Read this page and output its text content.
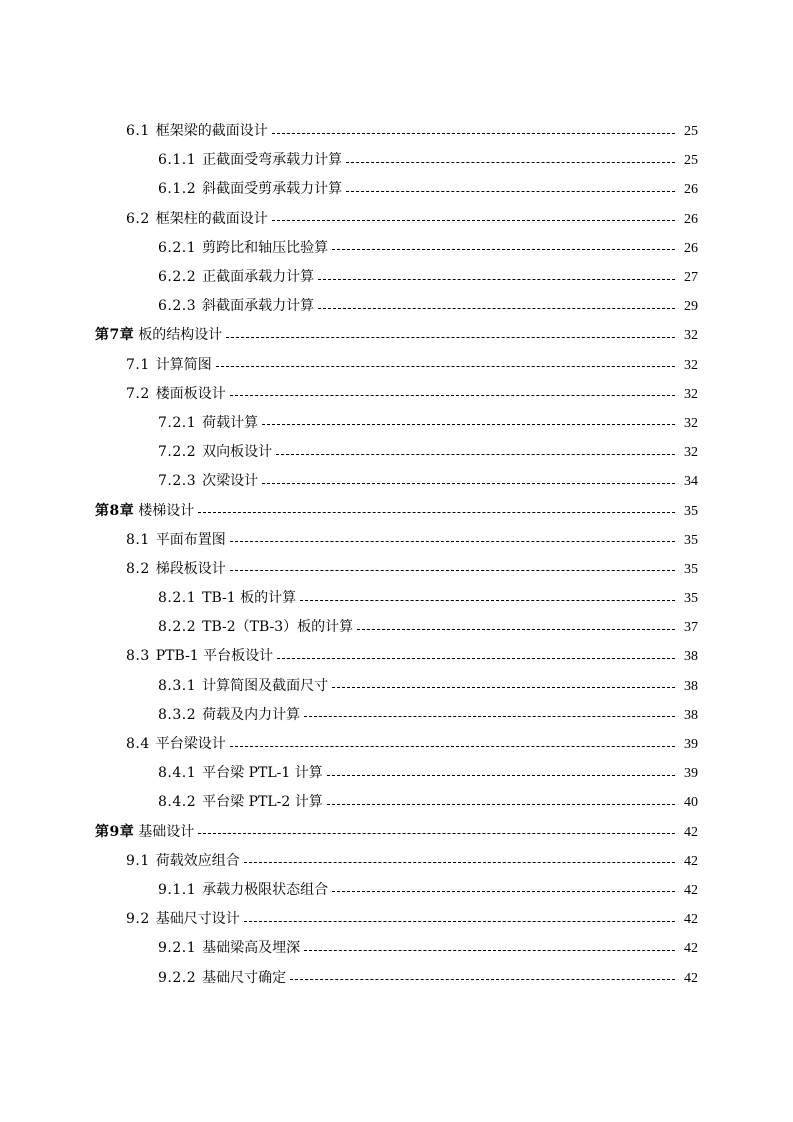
6.1 框架梁的截面设计	25
6.1.1 正截面受弯承载力计算	25
6.1.2 斜截面受剪承载力计算	26
6.2 框架柱的截面设计	26
6.2.1 剪跨比和轴压比验算	26
6.2.2 正截面承载力计算	27
6.2.3 斜截面承载力计算	29
第7章 板的结构设计	32
7.1 计算简图	32
7.2 楼面板设计	32
7.2.1 荷载计算	32
7.2.2 双向板设计	32
7.2.3 次梁设计	34
第8章 楼梯设计	35
8.1 平面布置图	35
8.2 梯段板设计	35
8.2.1 TB-1 板的计算	35
8.2.2 TB-2（TB-3）板的计算	37
8.3 PTB-1 平台板设计	38
8.3.1 计算简图及截面尺寸	38
8.3.2 荷载及内力计算	38
8.4 平台梁设计	39
8.4.1 平台梁 PTL-1 计算	39
8.4.2 平台梁 PTL-2 计算	40
第9章 基础设计	42
9.1 荷载效应组合	42
9.1.1 承载力极限状态组合	42
9.2 基础尺寸设计	42
9.2.1 基础梁高及埋深	42
9.2.2 基础尺寸确定	42
